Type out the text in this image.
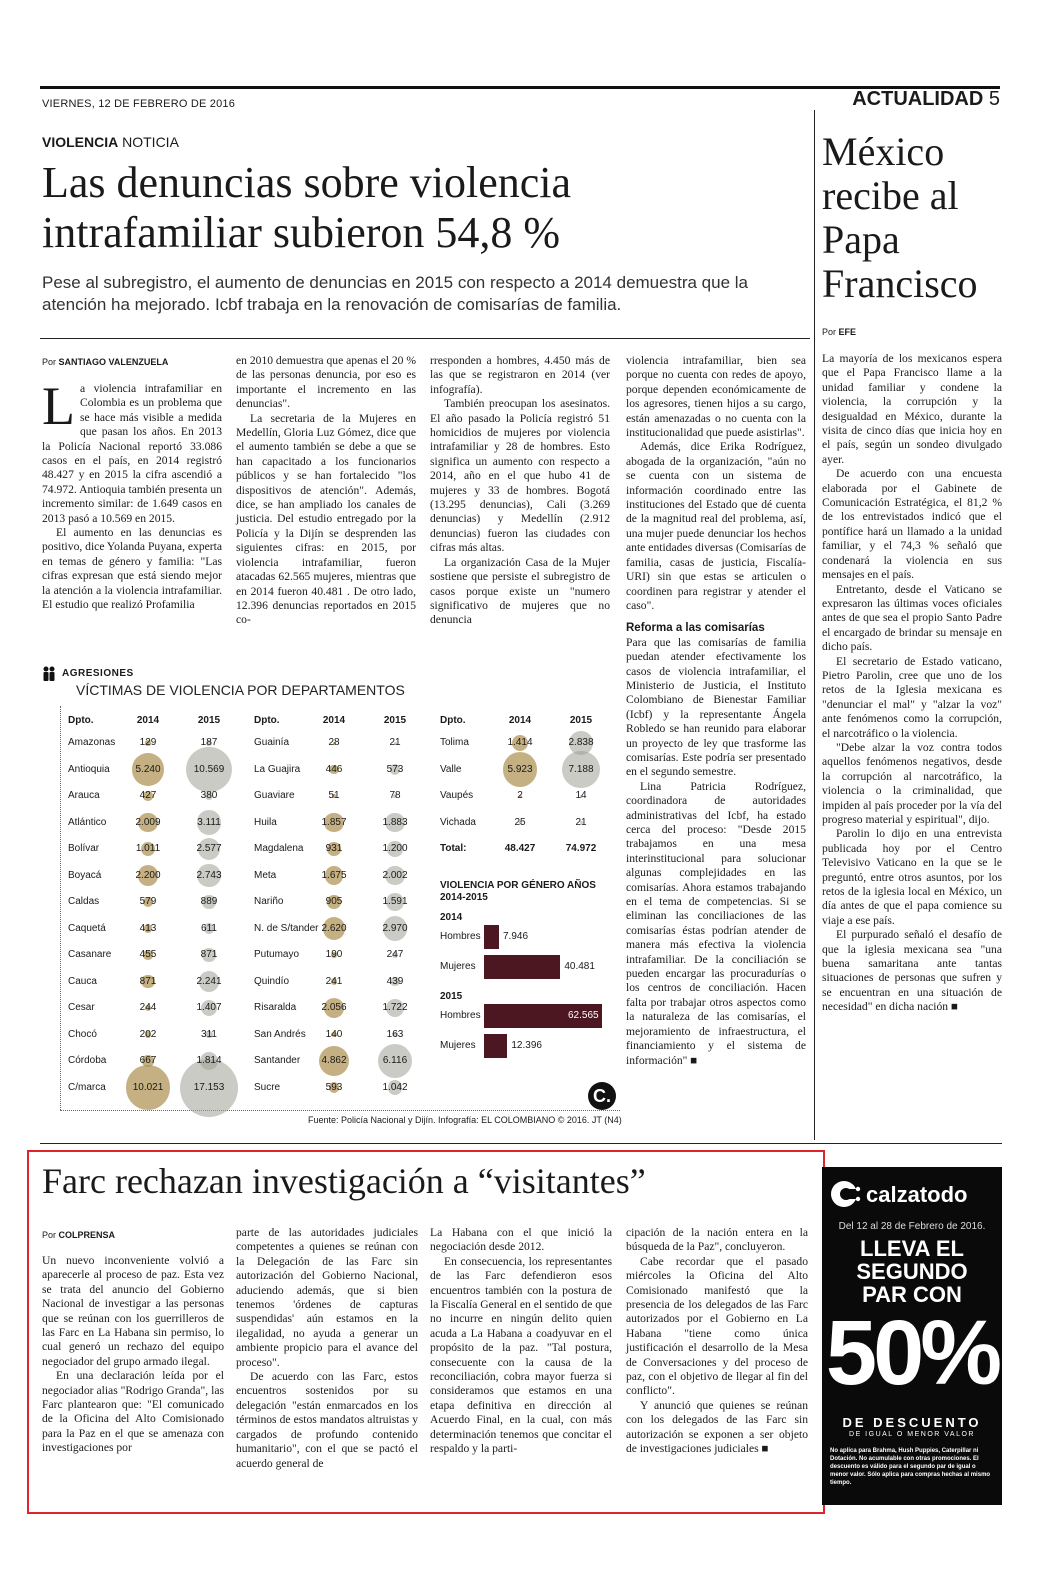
VIERNES, 12 DE FEBRERO DE 2016	ACTUALIDAD 5
VIOLENCIA NOTICIA
Las denuncias sobre violencia intrafamiliar subieron 54,8 %
Pese al subregistro, el aumento de denuncias en 2015 con respecto a 2014 demuestra que la atención ha mejorado. Icbf trabaja en la renovación de comisarías de familia.
Por SANTIAGO VALENZUELA

La violencia intrafamiliar en Colombia es un problema que se hace más visible a medida que pasan los años. En 2013 la Policía Nacional reportó 33.086 casos en el país, en 2014 registró 48.427 y en 2015 la cifra ascendió a 74.972. Antioquia también presenta un incremento similar: de 1.649 casos en 2013 pasó a 10.569 en 2015.

El aumento en las denuncias es positivo, dice Yolanda Puyana, experta en temas de género y familia: "Las cifras expresan que está siendo mejor la atención a la violencia intrafamiliar. El estudio que realizó Profamilia

en 2010 demuestra que apenas el 20 % de las personas denuncia, por eso es importante el incremento en las denuncias".

La secretaria de la Mujeres en Medellín, Gloria Luz Gómez, dice que el aumento también se debe a que se han capacitado a los funcionarios públicos y se han fortalecido "los dispositivos de atención". Además, dice, se han ampliado los canales de justicia. Del estudio entregado por la Policía y la Dijín se desprenden las siguientes cifras: en 2015, por violencia intrafamiliar, fueron atacadas 62.565 mujeres, mientras que en 2014 fueron 40.481 . De otro lado, 12.396 denuncias reportados en 2015 co-

rresponden a hombres, 4.450 más de las que se registraron en 2014 (ver infografía).

También preocupan los asesinatos. El año pasado la Policía registró 51 homicidios de mujeres por violencia intrafamiliar y 28 de hombres. Esto significa un aumento con respecto a 2014, año en el que hubo 41 de mujeres y 33 de hombres. Bogotá (13.295 denuncias), Cali (3.269 denuncias) y Medellín (2.912 denuncias) fueron las ciudades con cifras más altas.

La organización Casa de la Mujer sostiene que persiste el subregistro de casos porque existe un "numero significativo de mujeres que no denuncia

violencia intrafamiliar, bien sea porque no cuenta con redes de apoyo, porque dependen económicamente de los agresores, tienen hijos a su cargo, están amenazadas o no cuenta con la institucionalidad que puede asistirlas".

Además, dice Erika Rodríguez, abogada de la organización, "aún no se cuenta con un sistema de información coordinado entre las instituciones del Estado que dé cuenta de la magnitud real del problema, así, una mujer puede denunciar los hechos ante entidades diversas (Comisarías de familia, casas de justicia, Fiscalía- URI) sin que estas se articulen o coordinen para registrar y atender el caso".

Reforma a las comisarías

Para que las comisarías de familia puedan atender efectivamente los casos de violencia intrafamiliar, el Ministerio de Justicia, el Instituto Colombiano de Bienestar Familiar (Icbf) y la representante Ángela Robledo se han reunido para elaborar un proyecto de ley que trasforme las comisarías. Este podría ser presentado en el segundo semestre.

Lina Patricia Rodríguez, coordinadora de autoridades administrativas del Icbf, ha estado cerca del proceso: "Desde 2015 trabajamos en una mesa interinstitucional para solucionar algunas complejidades en las comisarías. Ahora estamos trabajando en el tema de competencias. Si se eliminan las conciliaciones de las comisarías éstas podrían atender de manera más efectiva la violencia intrafamiliar. De la conciliación se pueden encargar las procuradurías o los centros de conciliación. Hacen falta por trabajar otros aspectos como la naturaleza de las comisarías, el mejoramiento de infraestructura, el financiamiento y el sistema de información" ■

AGRESIONES
VÍCTIMAS DE VIOLENCIA POR DEPARTAMENTOS
Dpto.	2014	2015
Amazonas	129	187
Antioquia	5.240	10.569
Arauca	427	380
Atlántico	2.009	3.111
Bolívar	1.011	2.577
Boyacá	2.200	2.743
Caldas	579	889
Caquetá	413	611
Casanare	455	871
Cauca	871	2.241
Cesar	244	1.407
Chocó	202	311
Córdoba	667	1.814
C/marca	10.021	17.153
Dpto.	2014	2015
Guainía	28	21
La Guajira	446	573
Guaviare	51	78
Huila	1.857	1.883
Magdalena	931	1.200
Meta	1.675	2.002
Nariño	905	1.591
N. de S/tander 2.620	2.970
Putumayo	190	247
Quindío	241	439
Risaralda	2.056	1.722
San Andrés	140	163
Santander	4.862	6.116
Sucre	593	1.042
Dpto.	2014	2015
Tolima	1.414	2.838
Valle	5.923	7.188
Vaupés	2	14
Vichada	25	21
Total:	48.427	74.972
VIOLENCIA POR GÉNERO AÑOS 2014-2015
2014
Hombres 7.946
Mujeres	40.481
2015
Hombres	62.565
Mujeres	12.396
C.
Fuente: Policía Nacional y Dijín. Infografía: EL COLOMBIANO © 2016. JT (N4)
México recibe al Papa Francisco
Por EFE

La mayoría de los mexicanos espera que el Papa Francisco llame a la unidad familiar y condene la violencia, la corrupción y la desigualdad en México, durante la visita de cinco días que inicia hoy en el país, según un sondeo divulgado ayer.

De acuerdo con una encuesta elaborada por el Gabinete de Comunicación Estratégica, el 81,2 % de los entrevistados indicó que el pontífice hará un llamado a la unidad familiar, y el 74,3 % señaló que condenará la violencia en sus mensajes en el país.

Entretanto, desde el Vaticano se expresaron las últimas voces oficiales antes de que sea el propio Santo Padre el encargado de brindar su mensaje en dicho país.

El secretario de Estado vaticano, Pietro Parolin, cree que uno de los retos de la Iglesia mexicana es "denunciar el mal" y "alzar la voz" ante fenómenos como la corrupción, el narcotráfico o la violencia.

"Debe alzar la voz contra todos aquellos fenómenos negativos, desde la corrupción al narcotráfico, la violencia o la criminalidad, que impiden al país proceder por la vía del progreso material y espiritual", dijo.

Parolin lo dijo en una entrevista publicada hoy por el Centro Televisivo Vaticano en la que se le preguntó, entre otros asuntos, por los retos de la iglesia local en México, un día antes de que el papa comience su viaje a ese país.

El purpurado señaló el desafío de que la iglesia mexicana sea "una buena samaritana ante tantas situaciones de personas que sufren y se encuentran en una situación de necesidad" en dicha nación ■

Farc rechazan investigación a “visitantes”
Por COLPRENSA

Un nuevo inconveniente volvió a aparecerle al proceso de paz. Esta vez se trata del anuncio del Gobierno Nacional de investigar a las personas que se reúnan con los guerrilleros de las Farc en La Habana sin permiso, lo cual generó un rechazo del equipo negociador del grupo armado ilegal.

En una declaración leída por el negociador alias "Rodrigo Granda", las Farc plantearon que: "El comunicado de la Oficina del Alto Comisionado para la Paz en el que se amenaza con investigaciones por

parte de las autoridades judiciales competentes a quienes se reúnan con la Delegación de las Farc sin autorización del Gobierno Nacional, aduciendo además, que si bien tenemos 'órdenes de capturas suspendidas' aún estamos en la ilegalidad, no ayuda a generar un ambiente propicio para el avance del proceso".

De acuerdo con las Farc, estos encuentros sostenidos por su delegación "están enmarcados en los términos de estos mandatos altruistas y cargados de profundo contenido humanitario", con el que se pactó el acuerdo general de

La Habana con el que inició la negociación desde 2012.

En consecuencia, los representantes de las Farc defendieron esos encuentros también con la postura de la Fiscalía General en el sentido de que no incurre en ningún delito quien acuda a La Habana a coadyuvar en el propósito de la paz. "Tal postura, consecuente con la causa de la reconciliación, cobra mayor fuerza si consideramos que estamos en una etapa definitiva en dirección al Acuerdo Final, en la cual, con más determinación tenemos que concitar el respaldo y la parti-

cipación de la nación entera en la búsqueda de la Paz", concluyeron.

Cabe recordar que el pasado miércoles la Oficina del Alto Comisionado manifestó que la presencia de los delegados de las Farc autorizados por el Gobierno en La Habana "tiene como única justificación el desarrollo de la Mesa de Conversaciones y del proceso de paz, con el objetivo de llegar al fin del conflicto".

Y anunció que quienes se reúnan con los delegados de las Farc sin autorización se exponen a ser objeto de investigaciones judiciales ■

calzatodo
Del 12 al 28 de Febrero de 2016.
LLEVA EL
SEGUNDO
PAR CON
50%
DE DESCUENTO
DE IGUAL O MENOR VALOR
No aplica para Brahma, Hush Puppies, Caterpillar ni Dotación. No acumulable con otras promociones. El descuento es válido para el segundo par de igual o menor valor. Sólo aplica para compras hechas al mismo tiempo.
